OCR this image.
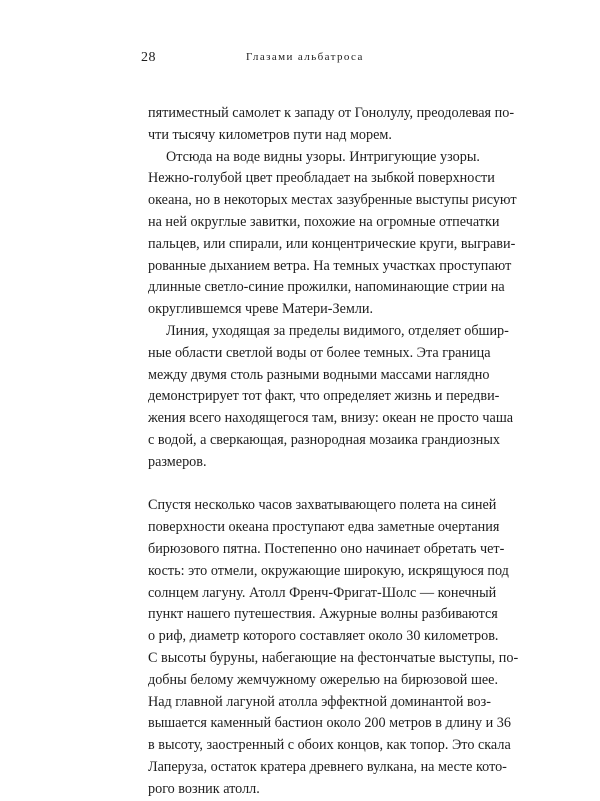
28	Глазами альбатроса
пятиместный самолет к западу от Гонолулу, преодолевая по-
чти тысячу километров пути над морем.
Отсюда на воде видны узоры. Интригующие узоры.
Нежно-голубой цвет преобладает на зыбкой поверхности
океана, но в некоторых местах зазубренные выступы рисуют
на ней округлые завитки, похожие на огромные отпечатки
пальцев, или спирали, или концентрические круги, выграви-
рованные дыханием ветра. На темных участках проступают
длинные светло-синие прожилки, напоминающие стрии на
округлившемся чреве Матери-Земли.
Линия, уходящая за пределы видимого, отделяет обшир-
ные области светлой воды от более темных. Эта граница
между двумя столь разными водными массами наглядно
демонстрирует тот факт, что определяет жизнь и передви-
жения всего находящегося там, внизу: океан не просто чаша
с водой, а сверкающая, разнородная мозаика грандиозных
размеров.
Спустя несколько часов захватывающего полета на синей
поверхности океана проступают едва заметные очертания
бирюзового пятна. Постепенно оно начинает обретать чет-
кость: это отмели, окружающие широкую, искрящуюся под
солнцем лагуну. Атолл Френч-Фригат-Шолс — конечный
пункт нашего путешествия. Ажурные волны разбиваются
о риф, диаметр которого составляет около 30 километров.
С высоты буруны, набегающие на фестончатые выступы, по-
добны белому жемчужному ожерелью на бирюзовой шее.
Над главной лагуной атолла эффектной доминантой воз-
вышается каменный бастион около 200 метров в длину и 36
в высоту, заостренный с обоих концов, как топор. Это скала
Лаперуза, остаток кратера древнего вулкана, на месте кото-
рого возник атолл.
